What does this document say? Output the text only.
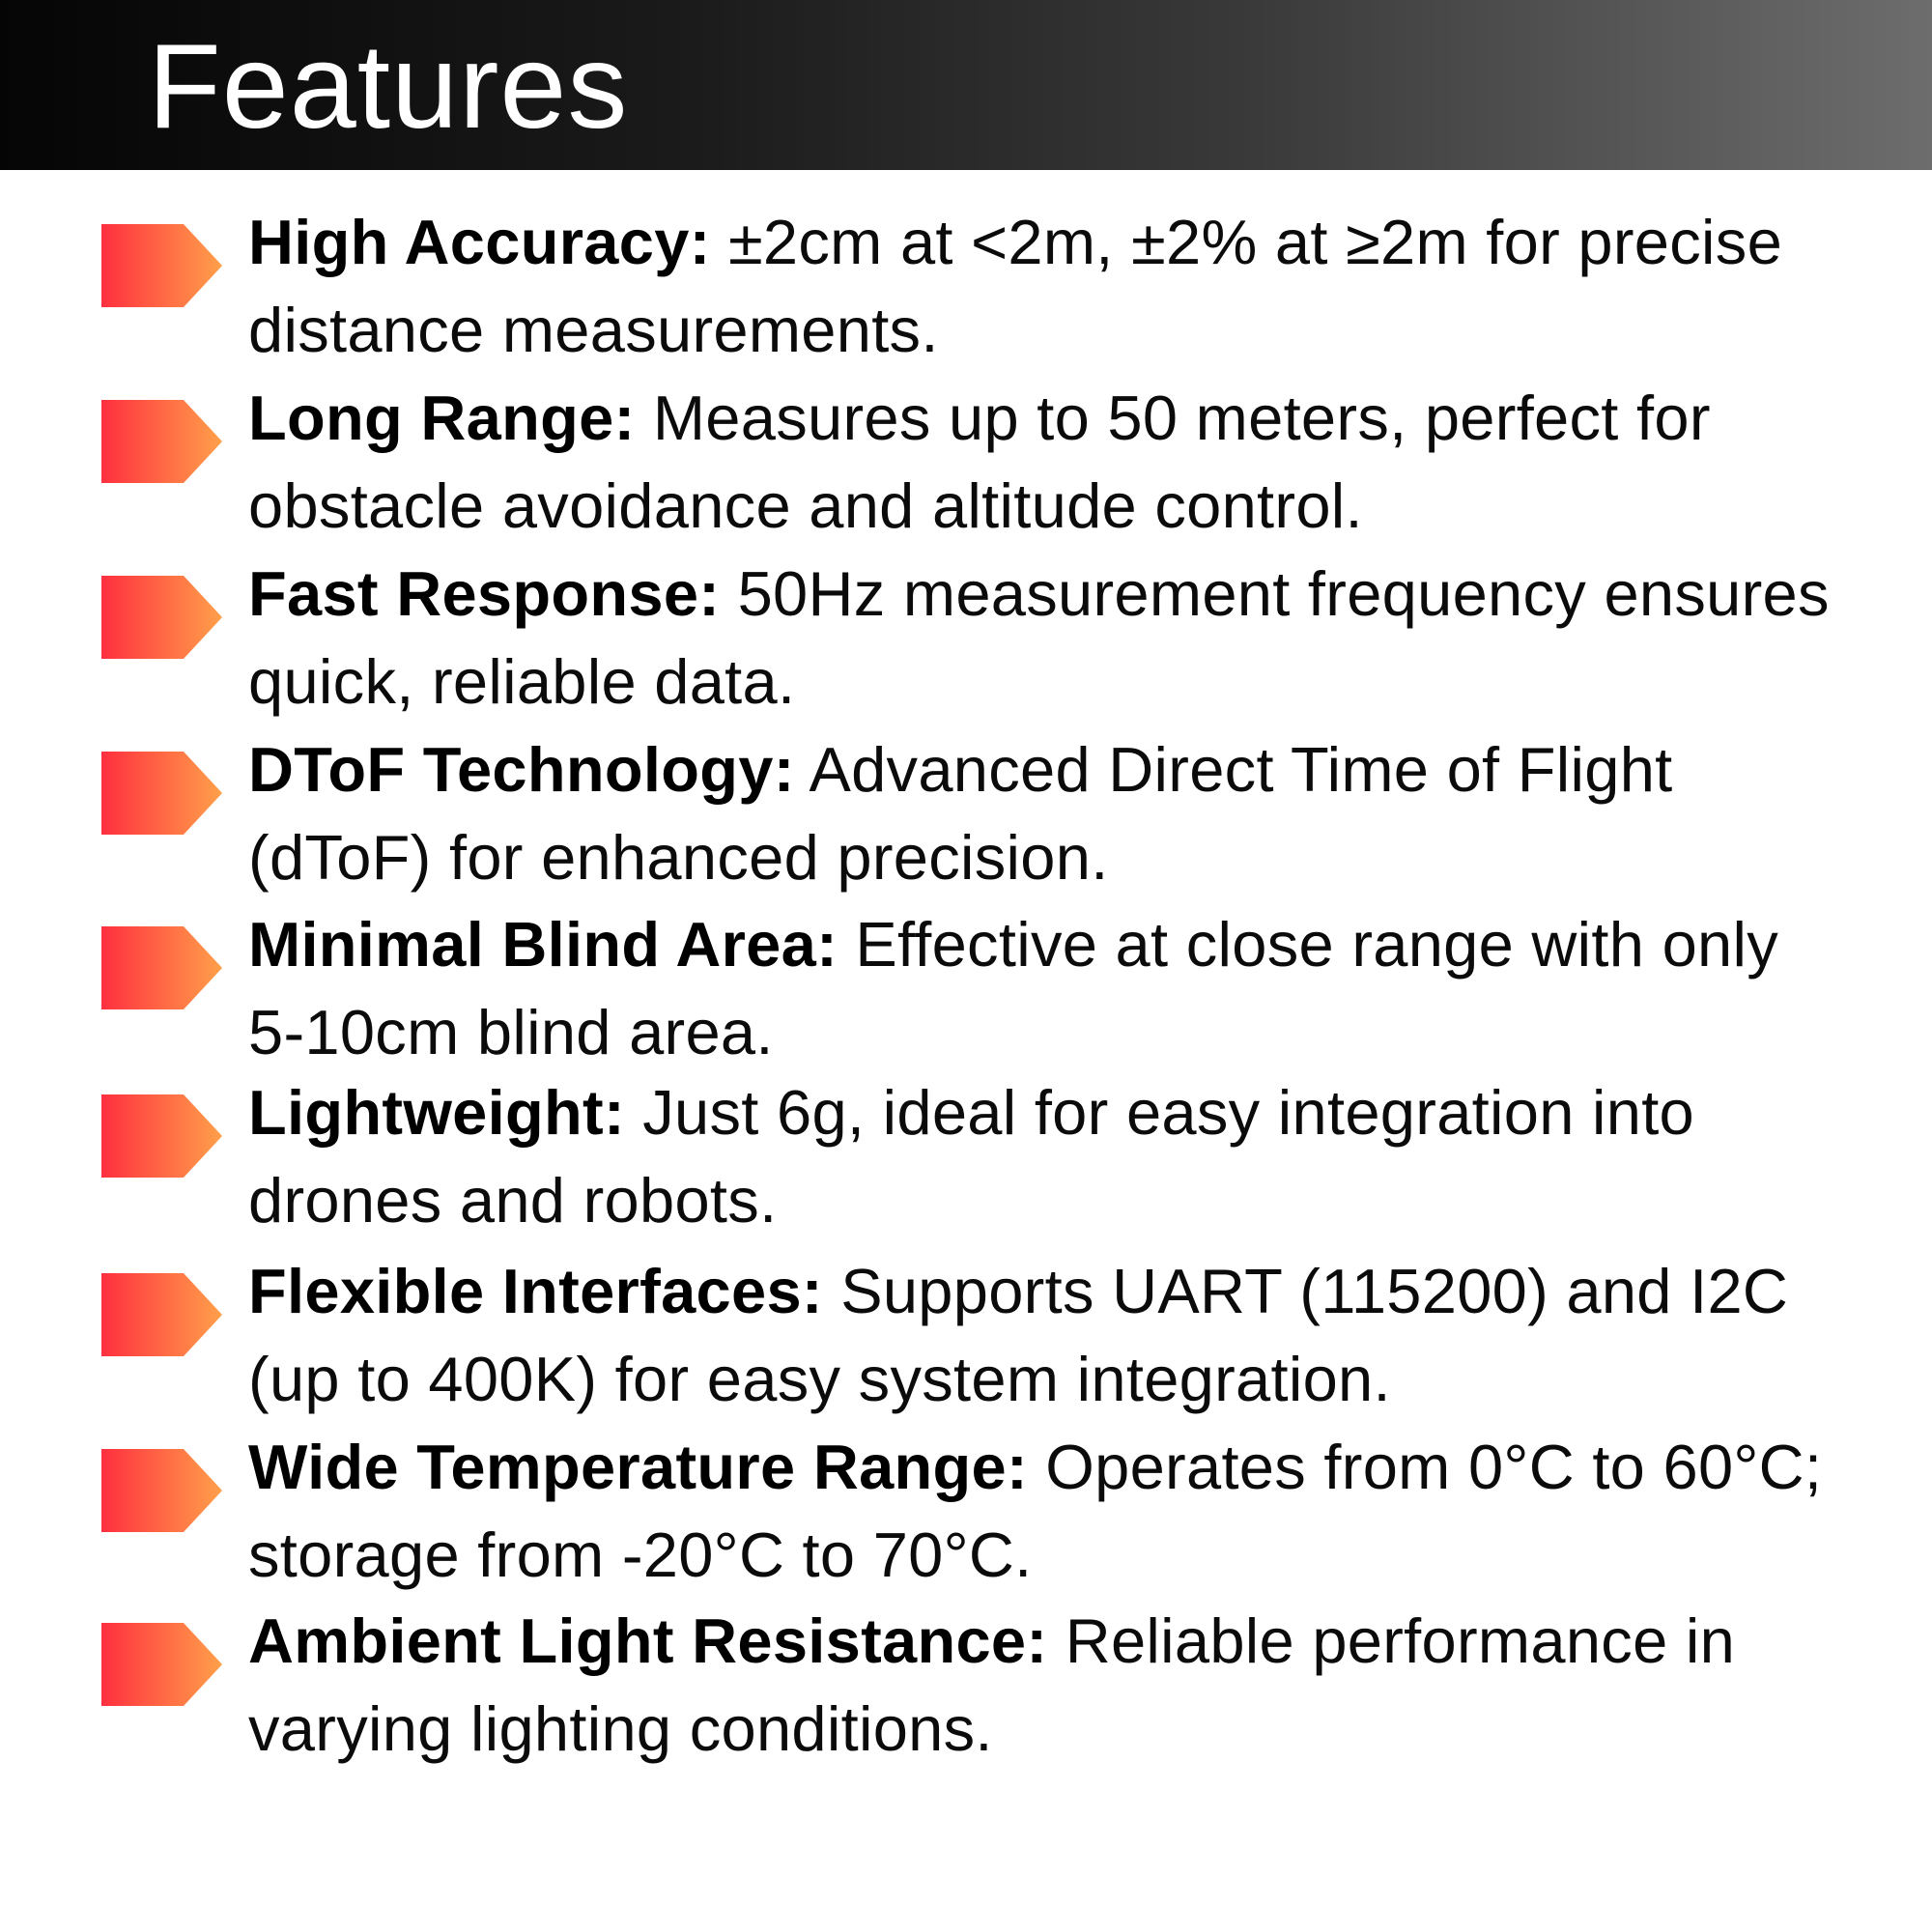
Features
High Accuracy: ±2cm at <2m, ±2% at ≥2m for precise distance measurements.
Long Range: Measures up to 50 meters, perfect for obstacle avoidance and altitude control.
Fast Response: 50Hz measurement frequency ensures quick, reliable data.
DToF Technology: Advanced Direct Time of Flight (dToF) for enhanced precision.
Minimal Blind Area: Effective at close range with only 5-10cm blind area.
Lightweight: Just 6g, ideal for easy integration into drones and robots.
Flexible Interfaces: Supports UART (115200) and I2C (up to 400K) for easy system integration.
Wide Temperature Range: Operates from 0°C to 60°C; storage from -20°C to 70°C.
Ambient Light Resistance: Reliable performance in varying lighting conditions.
